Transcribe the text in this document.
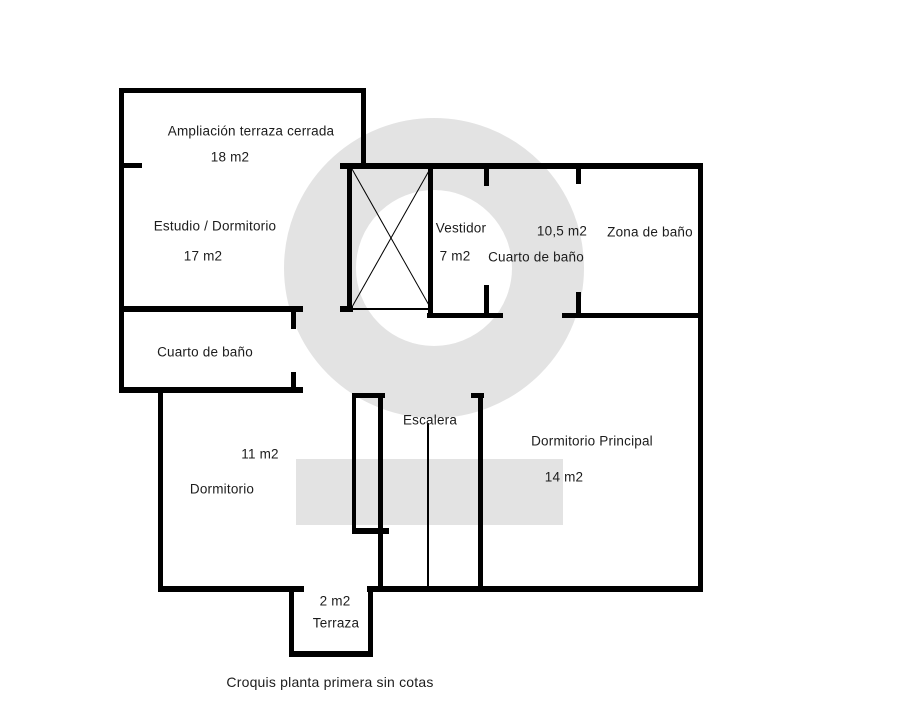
Ampliación terraza cerrada
18 m2
Estudio / Dormitorio
17 m2
Vestidor
7 m2
10,5 m2
Cuarto de baño
Zona de baño
Cuarto de baño
Escalera
11 m2
Dormitorio
Dormitorio Principal
14 m2
2 m2
Terraza
Croquis planta primera sin cotas
